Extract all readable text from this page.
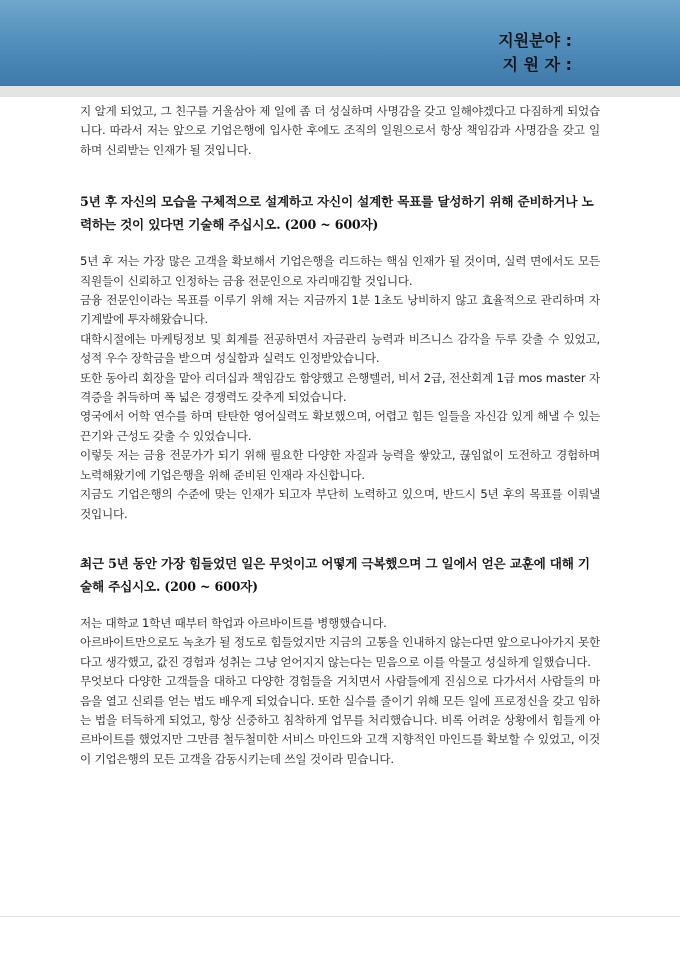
지원분야 :
지 원 자 :

지 알게 되었고, 그 친구를 거울삼아 제 일에 좀 더 성실하며 사명감을 갖고 일해야겠다고 다짐하게 되었습니다. 따라서 저는 앞으로 기업은행에 입사한 후에도 조직의 일원으로서 항상 책임감과 사명감을 갖고 일하며 신뢰받는 인재가 될 것입니다.

5년 후 자신의 모습을 구체적으로 설계하고 자신이 설계한 목표를 달성하기 위해 준비하거나 노력하는 것이 있다면 기술해 주십시오. (200 ~ 600자)

5년 후 저는 가장 많은 고객을 확보해서 기업은행을 리드하는 핵심 인재가 될 것이며, 실력 면에서도 모든 직원들이 신뢰하고 인정하는 금융 전문인으로 자리매김할 것입니다.

금융 전문인이라는 목표를 이루기 위해 저는 지금까지 1분 1초도 낭비하지 않고 효율적으로 관리하며 자기계발에 투자해왔습니다.

대학시절에는 마케팅정보 및 회계를 전공하면서 자금관리 능력과 비즈니스 감각을 두루 갖출 수 있었고, 성적 우수 장학금을 받으며 성실함과 실력도 인정받았습니다.

또한 동아리 회장을 맡아 리더십과 책임감도 함양했고 은행텔러, 비서 2급, 전산회계 1급 mos master 자격증을 취득하며 폭 넓은 경쟁력도 갖추게 되었습니다.

영국에서 어학 연수를 하며 탄탄한 영어실력도 확보했으며, 어렵고 힘든 일들을 자신감 있게 해낼 수 있는 끈기와 근성도 갖출 수 있었습니다.

이렇듯 저는 금융 전문가가 되기 위해 필요한 다양한 자질과 능력을 쌓았고, 끊임없이 도전하고 경험하며 노력해왔기에 기업은행을 위해 준비된 인재라 자신합니다.

지금도 기업은행의 수준에 맞는 인재가 되고자 부단히 노력하고 있으며, 반드시 5년 후의 목표를 이뤄낼 것입니다.

최근 5년 동안 가장 힘들었던 일은 무엇이고 어떻게 극복했으며 그 일에서 얻은 교훈에 대해 기술해 주십시오. (200 ~ 600자)

저는 대학교 1학년 때부터 학업과 아르바이트를 병행했습니다.

아르바이트만으로도 녹초가 될 정도로 힘들었지만 지금의 고통을 인내하지 않는다면 앞으로나아가지 못한다고 생각했고, 값진 경험과 성취는 그냥 얻어지지 않는다는 믿음으로 이를 악물고 성실하게 일했습니다.

무엇보다 다양한 고객들을 대하고 다양한 경험들을 거치면서 사람들에게 진심으로 다가서서 사람들의 마음을 열고 신뢰를 얻는 법도 배우게 되었습니다. 또한 실수를 줄이기 위해 모든 일에 프로정신을 갖고 임하는 법을 터득하게 되었고, 항상 신중하고 침착하게 업무를 처리했습니다. 비록 어려운 상황에서 힘들게 아르바이트를 했었지만 그만큼 철두철미한 서비스 마인드와 고객 지향적인 마인드를 확보할 수 있었고, 이것이 기업은행의 모든 고객을 감동시키는데 쓰일 것이라 믿습니다.
